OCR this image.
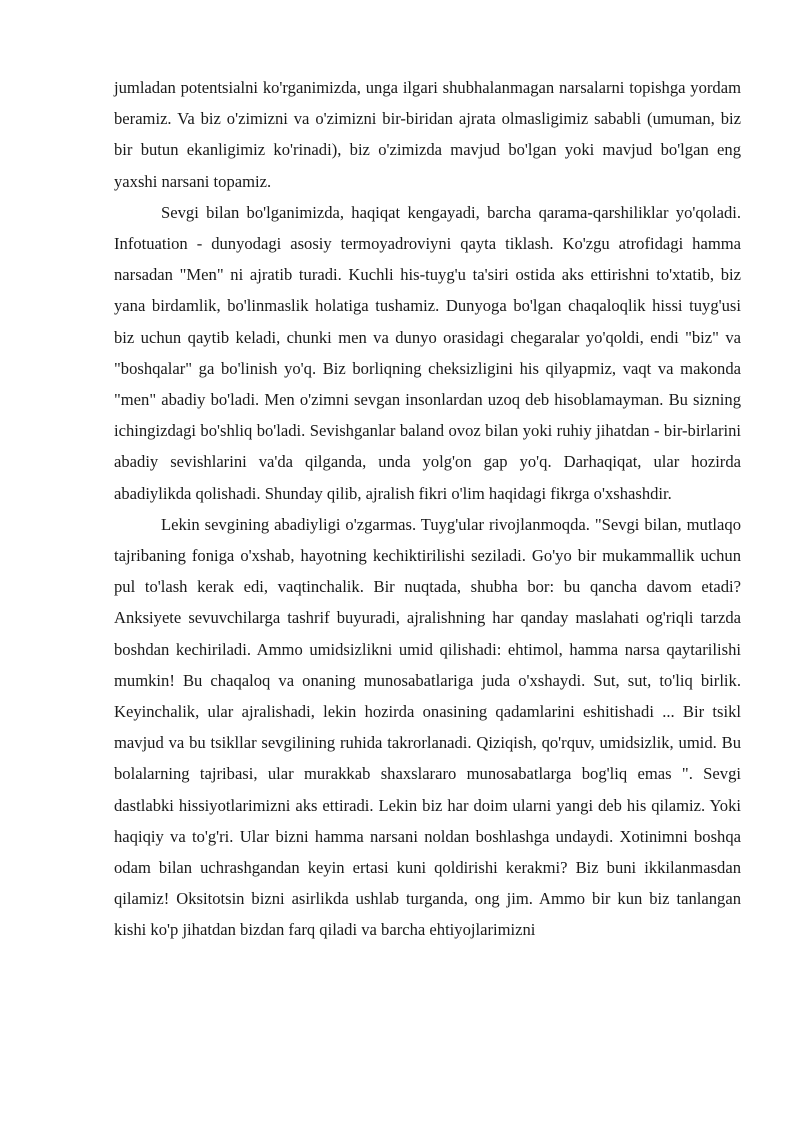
jumladan potentsialni ko'rganimizda, unga ilgari shubhalanmagan narsalarni topishga yordam beramiz. Va biz o'zimizni va o'zimizni bir-biridan ajrata olmasligimiz sababli (umuman, biz bir butun ekanligimiz ko'rinadi), biz o'zimizda mavjud bo'lgan yoki mavjud bo'lgan eng yaxshi narsani topamiz.

Sevgi bilan bo'lganimizda, haqiqat kengayadi, barcha qarama-qarshiliklar yo'qoladi. Infotuation - dunyodagi asosiy termoyadroviyni qayta tiklash. Ko'zgu atrofidagi hamma narsadan "Men" ni ajratib turadi. Kuchli his-tuyg'u ta'siri ostida aks ettirishni to'xtatib, biz yana birdamlik, bo'linmaslik holatiga tushamiz. Dunyoga bo'lgan chaqaloqlik hissi tuyg'usi biz uchun qaytib keladi, chunki men va dunyo orasidagi chegaralar yo'qoldi, endi "biz" va "boshqalar" ga bo'linish yo'q. Biz borliqning cheksizligini his qilyapmiz, vaqt va makonda "men" abadiy bo'ladi. Men o'zimni sevgan insonlardan uzoq deb hisoblamayman. Bu sizning ichingizdagi bo'shliq bo'ladi. Sevishganlar baland ovoz bilan yoki ruhiy jihatdan - bir-birlarini abadiy sevishlarini va'da qilganda, unda yolg'on gap yo'q. Darhaqiqat, ular hozirda abadiylikda qolishadi. Shunday qilib, ajralish fikri o'lim haqidagi fikrga o'xshashdir.

Lekin sevgining abadiyligi o'zgarmas. Tuyg'ular rivojlanmoqda. "Sevgi bilan, mutlaqo tajribaning foniga o'xshab, hayotning kechiktirilishi seziladi. Go'yo bir mukammallik uchun pul to'lash kerak edi, vaqtinchalik. Bir nuqtada, shubha bor: bu qancha davom etadi? Anksiyete sevuvchilarga tashrif buyuradi, ajralishning har qanday maslahati og'riqli tarzda boshdan kechiriladi. Ammo umidsizlikni umid qilishadi: ehtimol, hamma narsa qaytarilishi mumkin! Bu chaqaloq va onaning munosabatlariga juda o'xshaydi. Sut, sut, to'liq birlik. Keyinchalik, ular ajralishadi, lekin hozirda onasining qadamlarini eshitishadi ... Bir tsikl mavjud va bu tsikllar sevgilining ruhida takrorlanadi. Qiziqish, qo'rquv, umidsizlik, umid. Bu bolalarning tajribasi, ular murakkab shaxslararo munosabatlarga bog'liq emas ". Sevgi dastlabki hissiyotlarimizni aks ettiradi. Lekin biz har doim ularni yangi deb his qilamiz. Yoki haqiqiy va to'g'ri. Ular bizni hamma narsani noldan boshlashga undaydi. Xotinimni boshqa odam bilan uchrashgandan keyin ertasi kuni qoldirishi kerakmi? Biz buni ikkilanmasdan qilamiz! Oksitotsin bizni asirlikda ushlab turganda, ong jim. Ammo bir kun biz tanlangan kishi ko'p jihatdan bizdan farq qiladi va barcha ehtiyojlarimizni
